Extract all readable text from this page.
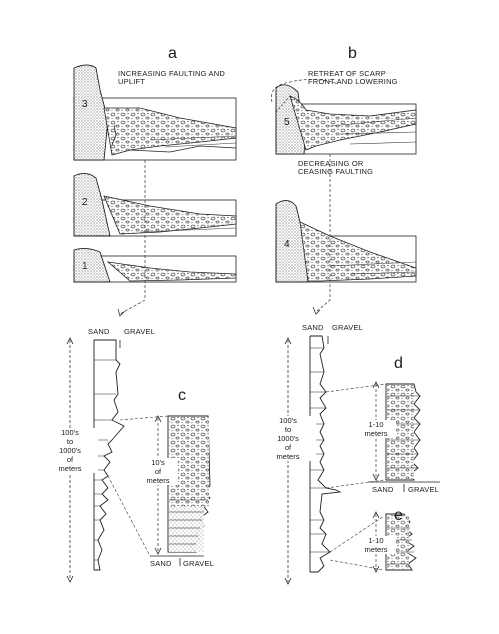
a	b
c
d
e
INCREASING FAULTING AND UPLIFT
RETREAT OF SCARP FRONT AND LOWERING
DECREASING OR CEASING FAULTING
3
2
1
5
4
SAND GRAVEL	SAND GRAVEL
SAND GRAVEL
SAND GRAVEL
100's
to
1000's
of
meters
100's
to
1000's
of
meters
10's
of
meters
1-10
meters
1-10
meters
